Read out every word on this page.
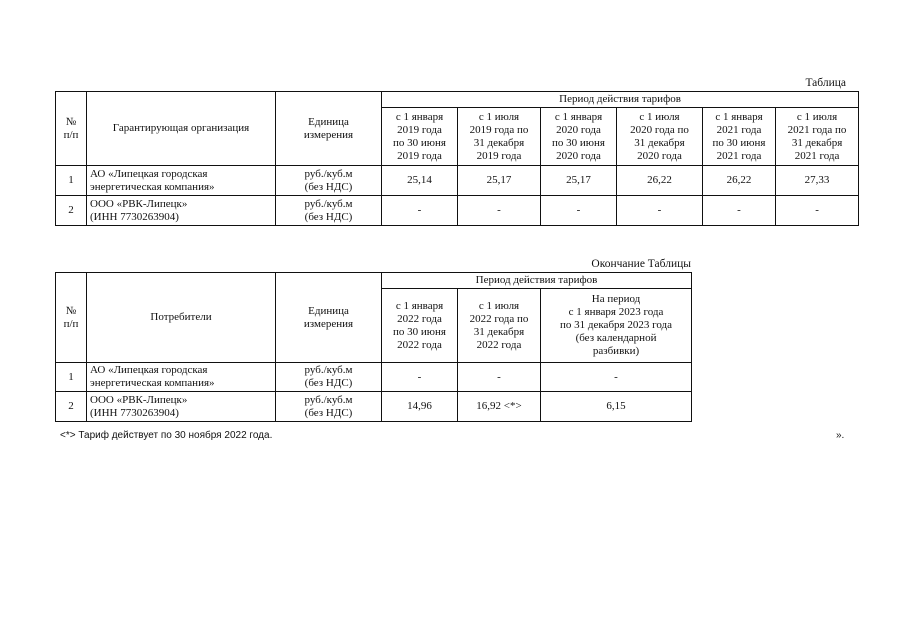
Таблица
№
п/п	Гарантирующая организация	Единица
измерения	Период действия тарифов					
			с 1 января
2019 года
по 30 июня
2019 года	с 1 июля
2019 года по
31 декабря
2019 года	с 1 января
2020 года
по 30 июня
2020 года	с 1 июля
2020 года по
31 декабря
2020 года	с 1 января
2021 года
по 30 июня
2021 года	с 1 июля
2021 года по
31 декабря
2021 года
1	АО «Липецкая городская
энергетическая компания»	руб./куб.м
(без НДС)	25,14	25,17	25,17	26,22	26,22	27,33
2	ООО «РВК-Липецк»
(ИНН 7730263904)	руб./куб.м
(без НДС)	-	-	-	-	-	-
Окончание Таблицы
№
п/п	Потребители	Единица
измерения	Период действия тарифов		
			с 1 января
2022 года
по 30 июня
2022 года	с 1 июля
2022 года по
31 декабря
2022 года	На период
с 1 января 2023 года
по 31 декабря 2023 года
(без календарной
разбивки)
1	АО «Липецкая городская
энергетическая компания»	руб./куб.м
(без НДС)	-	-	-
2	ООО «РВК-Липецк»
(ИНН 7730263904)	руб./куб.м
(без НДС)	14,96	16,92 <*>	6,15
<*> Тариф действует по 30 ноября 2022 года.	».
